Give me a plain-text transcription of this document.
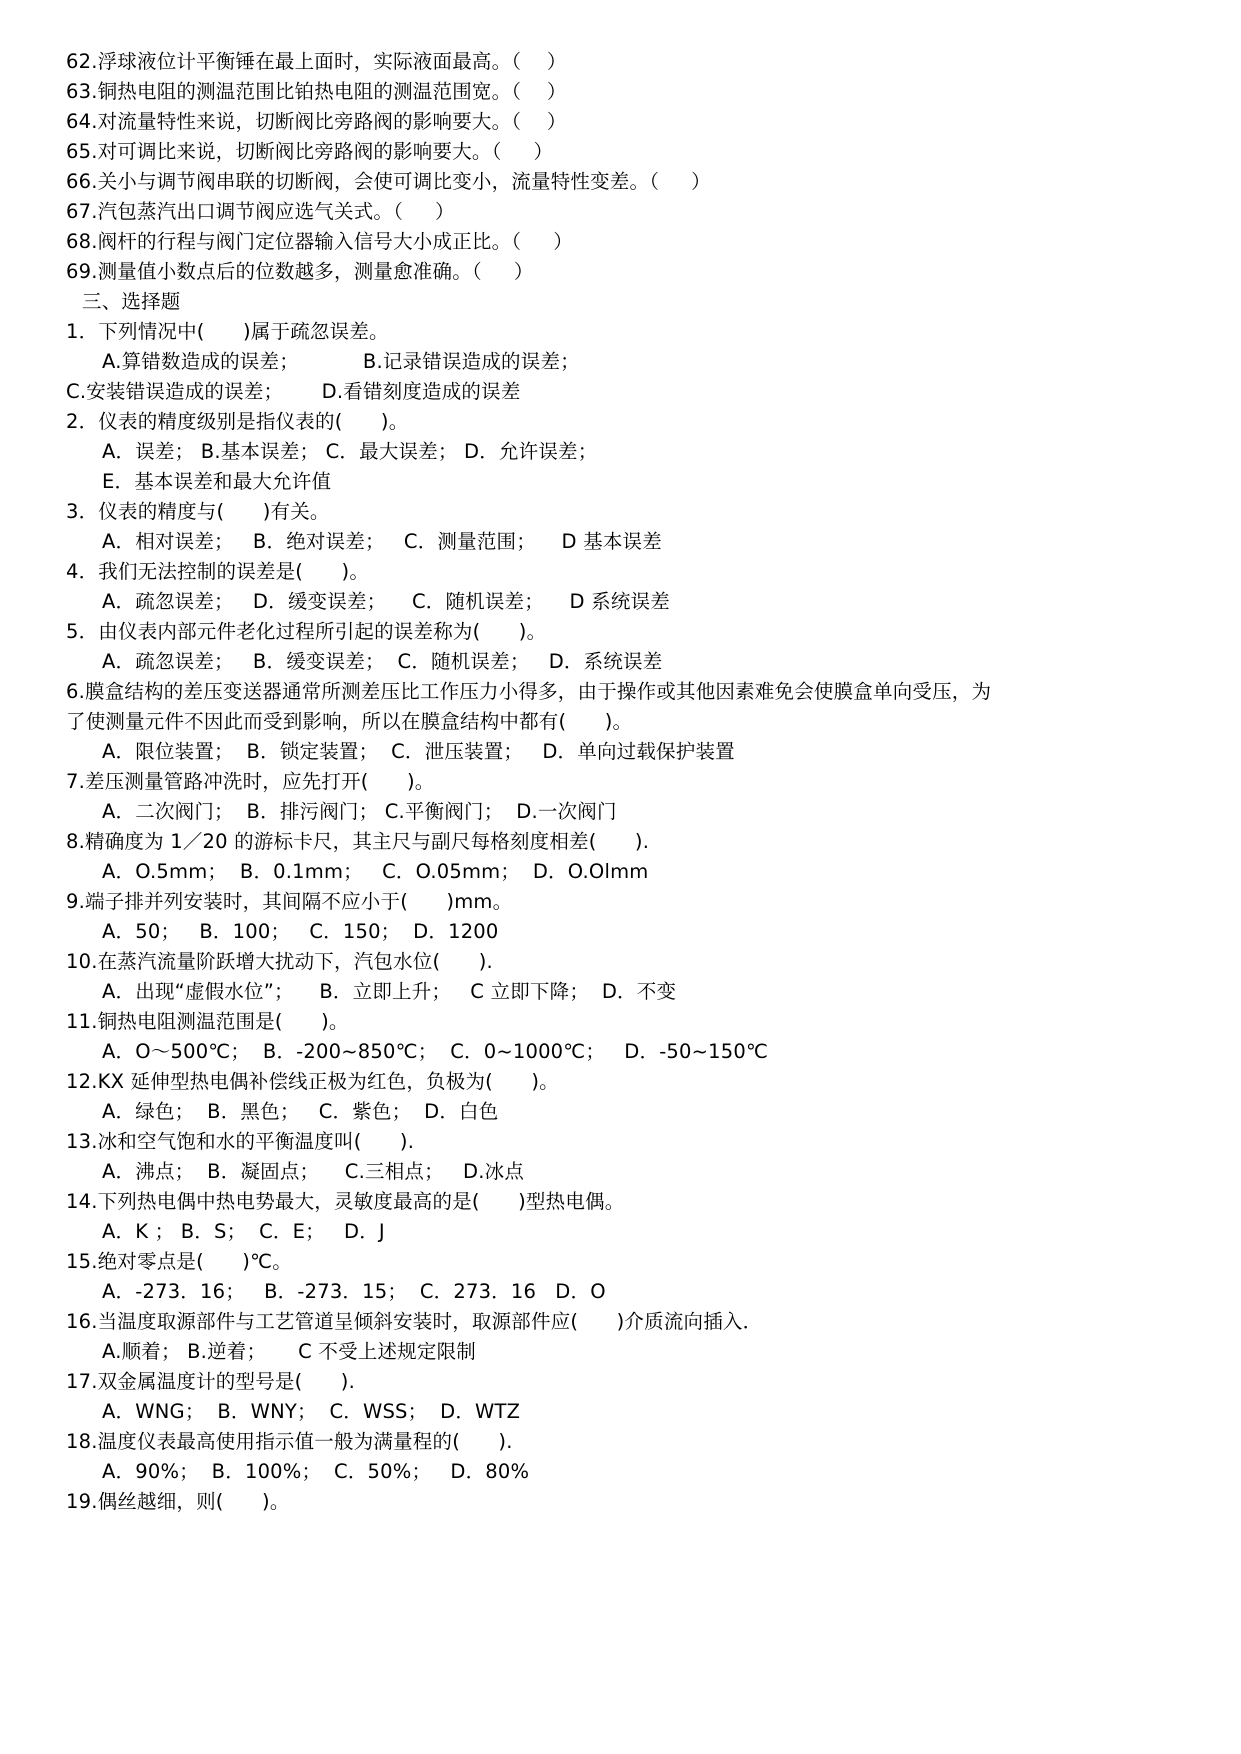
62.浮球液位计平衡锤在最上面时，实际液面最高。（    ）

63.铜热电阻的测温范围比铂热电阻的测温范围宽。（    ）

64.对流量特性来说，切断阀比旁路阀的影响要大。（    ）

65.对可调比来说，切断阀比旁路阀的影响要大。（     ）

66.关小与调节阀串联的切断阀，会使可调比变小，流量特性变差。（     ）

67.汽包蒸汽出口调节阀应选气关式。（     ）

68.阀杆的行程与阀门定位器输入信号大小成正比。（     ）

69.测量值小数点后的位数越多，测量愈准确。（     ）

三、选择题

1．下列情况中(      )属于疏忽误差。

A.算错数造成的误差；          B.记录错误造成的误差；

C.安装错误造成的误差；      D.看错刻度造成的误差

2．仪表的精度级别是指仪表的(      )。

A．误差； B.基本误差； C．最大误差； D．允许误差；

E．基本误差和最大允许值

3．仪表的精度与(      )有关。

A．相对误差；   B．绝对误差；   C．测量范围；    D 基本误差

4．我们无法控制的误差是(      )。

A．疏忽误差；   D．缓变误差；    C．随机误差；    D 系统误差

5．由仪表内部元件老化过程所引起的误差称为(      )。

A．疏忽误差；   B．缓变误差；  C．随机误差；   D．系统误差

6.膜盒结构的差压变送器通常所测差压比工作压力小得多，由于操作或其他因素难免会使膜盒单向受压，为

了使测量元件不因此而受到影响，所以在膜盒结构中都有(      )。

A．限位装置；  B．锁定装置；  C．泄压装置；   D．单向过载保护装置

7.差压测量管路冲洗时，应先打开(      )。

A．二次阀门；  B．排污阀门； C.平衡阀门；  D.一次阀门

8.精确度为 1／20 的游标卡尺，其主尺与副尺每格刻度相差(      ).

A．O.5mm；  B．0.1mm；   C．O.05mm；  D．O.Olmm

9.端子排并列安装时，其间隔不应小于(      )mm。

A．50；   B．100；   C．150；  D．1200

10.在蒸汽流量阶跃增大扰动下，汽包水位(      ).

A．出现“虚假水位”；    B．立即上升；   C 立即下降；  D．不变

11.铜热电阻测温范围是(      )。

A．O～500℃；  B．-200~850℃；  C．0~1000℃；   D．-50~150℃

12.KX 延伸型热电偶补偿线正极为红色，负极为(      )。

A．绿色；  B．黑色；   C．紫色；  D．白色

13.冰和空气饱和水的平衡温度叫(      ).

A．沸点；  B．凝固点；    C.三相点；   D.冰点

14.下列热电偶中热电势最大，灵敏度最高的是(      )型热电偶。

A．K ； B．S；  C．E；   D．J

15.绝对零点是(      )℃。

A．-273．16；   B．-273．15；  C．273．16   D．O

16.当温度取源部件与工艺管道呈倾斜安装时，取源部件应(      )介质流向插入．

A.顺着； B.逆着；     C 不受上述规定限制

17.双金属温度计的型号是(      ).

A．WNG；  B．WNY；  C．WSS；  D．WTZ

18.温度仪表最高使用指示值一般为满量程的(      ).

A．90%；  B．100%；  C．50%；   D．80%

19.偶丝越细，则(      )。
